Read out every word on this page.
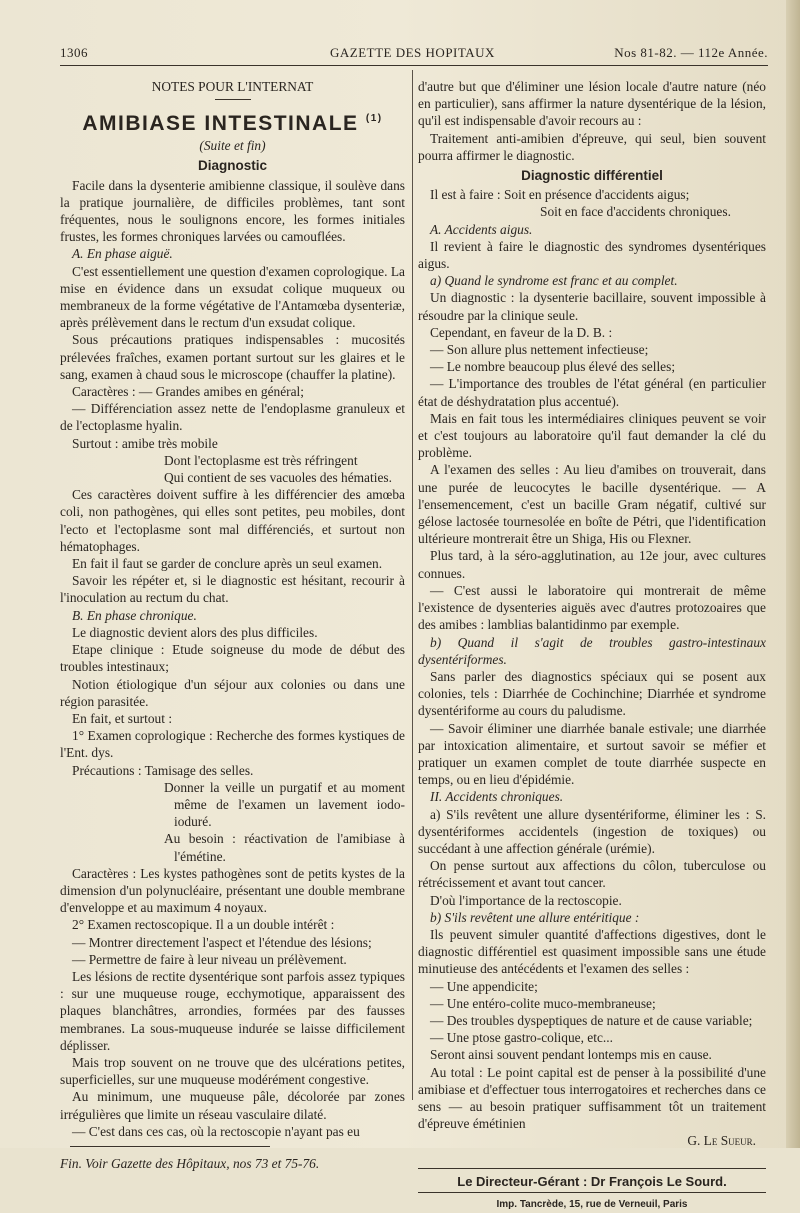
1306	GAZETTE DES HOPITAUX	Nos 81-82. — 112e Année.

NOTES POUR L'INTERNAT

AMIBIASE INTESTINALE $^{(1)}$

(Suite et fin)

Diagnostic

Facile dans la dysenterie amibienne classique, il soulève dans la pratique journalière, de difficiles problèmes, tant sont fréquentes, nous le soulignons encore, les formes initiales frustes, les formes chroniques larvées ou camouflées.

A. En phase aiguë.

C'est essentiellement une question d'examen coprologique. La mise en évidence dans un exsudat colique muqueux ou membraneux de la forme végétative de l'Antamœba dysenteriæ, après prélèvement dans le rectum d'un exsudat colique.

Sous précautions pratiques indispensables : mucosités prélevées fraîches, examen portant surtout sur les glaires et le sang, examen à chaud sous le microscope (chauffer la platine).

Caractères : — Grandes amibes en général;

— Différenciation assez nette de l'endoplasme granuleux et de l'ectoplasme hyalin.

Surtout : amibe très mobile

Dont l'ectoplasme est très réfringent

Qui contient de ses vacuoles des hématies.

Ces caractères doivent suffire à les différencier des amœba coli, non pathogènes, qui elles sont petites, peu mobiles, dont l'ecto et l'ectoplasme sont mal différenciés, et surtout non hématophages.

En fait il faut se garder de conclure après un seul examen.

Savoir les répéter et, si le diagnostic est hésitant, recourir à l'inoculation au rectum du chat.

B. En phase chronique.

Le diagnostic devient alors des plus difficiles.

Etape clinique : Etude soigneuse du mode de début des troubles intestinaux;

Notion étiologique d'un séjour aux colonies ou dans une région parasitée.

En fait, et surtout :

1° Examen coprologique : Recherche des formes kystiques de l'Ent. dys.

Précautions : Tamisage des selles.

Donner la veille un purgatif et au moment même de l'examen un lavement iodo-ioduré.

Au besoin : réactivation de l'amibiase à l'émétine.

Caractères : Les kystes pathogènes sont de petits kystes de la dimension d'un polynucléaire, présentant une double membrane d'enveloppe et au maximum 4 noyaux.

2° Examen rectoscopique. Il a un double intérêt :

— Montrer directement l'aspect et l'étendue des lésions;

— Permettre de faire à leur niveau un prélèvement.

Les lésions de rectite dysentérique sont parfois assez typiques : sur une muqueuse rouge, ecchymotique, apparaissent des plaques blanchâtres, arrondies, formées par des fausses membranes. La sous-muqueuse indurée se laisse difficilement déplisser.

Mais trop souvent on ne trouve que des ulcérations petites, superficielles, sur une muqueuse modérément congestive.

Au minimum, une muqueuse pâle, décolorée par zones irrégulières que limite un réseau vasculaire dilaté.

— C'est dans ces cas, où la rectoscopie n'ayant pas eu

Fin. Voir Gazette des Hôpitaux, nos 73 et 75-76.

d'autre but que d'éliminer une lésion locale d'autre nature (néo en particulier), sans affirmer la nature dysentérique de la lésion, qu'il est indispensable d'avoir recours au :

Traitement anti-amibien d'épreuve, qui seul, bien souvent pourra affirmer le diagnostic.

Diagnostic différentiel

Il est à faire : Soit en présence d'accidents aigus;

Soit en face d'accidents chroniques.

A. Accidents aigus.

Il revient à faire le diagnostic des syndromes dysentériques aigus.

a) Quand le syndrome est franc et au complet.

Un diagnostic : la dysenterie bacillaire, souvent impossible à résoudre par la clinique seule.

Cependant, en faveur de la D. B. :

— Son allure plus nettement infectieuse;

— Le nombre beaucoup plus élevé des selles;

— L'importance des troubles de l'état général (en particulier état de déshydratation plus accentué).

Mais en fait tous les intermédiaires cliniques peuvent se voir et c'est toujours au laboratoire qu'il faut demander la clé du problème.

A l'examen des selles : Au lieu d'amibes on trouverait, dans une purée de leucocytes le bacille dysentérique. — A l'ensemencement, c'est un bacille Gram négatif, cultivé sur gélose lactosée tournesolée en boîte de Pétri, que l'identification ultérieure montrerait être un Shiga, His ou Flexner.

Plus tard, à la séro-agglutination, au 12e jour, avec cultures connues.

— C'est aussi le laboratoire qui montrerait de même l'existence de dysenteries aiguës avec d'autres protozoaires que des amibes : lamblias balantidinmo par exemple.

b) Quand il s'agit de troubles gastro-intestinaux dysentériformes.

Sans parler des diagnostics spéciaux qui se posent aux colonies, tels : Diarrhée de Cochinchine; Diarrhée et syndrome dysentériforme au cours du paludisme.

— Savoir éliminer une diarrhée banale estivale; une diarrhée par intoxication alimentaire, et surtout savoir se méfier et pratiquer un examen complet de toute diarrhée suspecte en temps, ou en lieu d'épidémie.

II. Accidents chroniques.

a) S'ils revêtent une allure dysentériforme, éliminer les : S. dysentériformes accidentels (ingestion de toxiques) ou succédant à une affection générale (urémie).

On pense surtout aux affections du côlon, tuberculose ou rétrécissement et avant tout cancer.

D'où l'importance de la rectoscopie.

b) S'ils revêtent une allure entéritique :

Ils peuvent simuler quantité d'affections digestives, dont le diagnostic différentiel est quasiment impossible sans une étude minutieuse des antécédents et l'examen des selles :

— Une appendicite;

— Une entéro-colite muco-membraneuse;

— Des troubles dyspeptiques de nature et de cause variable;

— Une ptose gastro-colique, etc...

Seront ainsi souvent pendant lontemps mis en cause.

Au total : Le point capital est de penser à la possibilité d'une amibiase et d'effectuer tous interrogatoires et recherches dans ce sens — au besoin pratiquer suffisamment tôt un traitement d'épreuve émétinien

G. Le Sueur.

Le Directeur-Gérant : Dr François Le Sourd.
Imp. Tancrède, 15, rue de Verneuil, Paris
